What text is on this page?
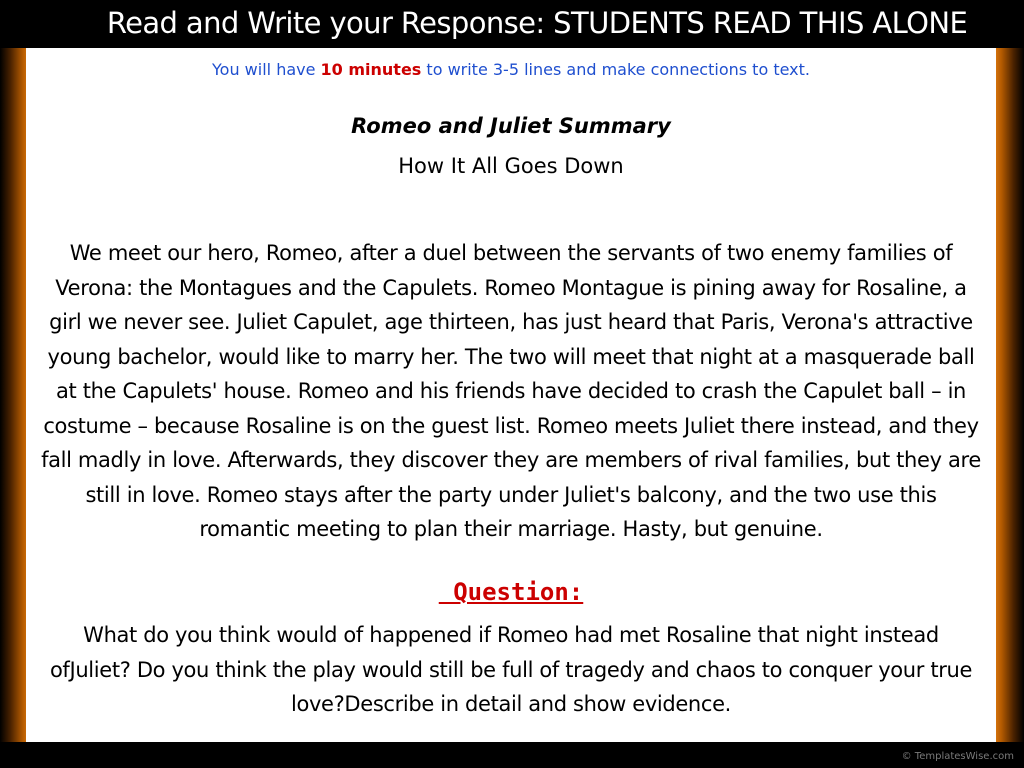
Read and Write your Response: STUDENTS READ THIS ALONE
You will have 10 minutes to write 3-5 lines and make connections to text.
Romeo and Juliet Summary
How It All Goes Down
We meet our hero, Romeo, after a duel between the servants of two enemy families of Verona: the Montagues and the Capulets. Romeo Montague is pining away for Rosaline, a girl we never see. Juliet Capulet, age thirteen, has just heard that Paris, Verona's attractive young bachelor, would like to marry her. The two will meet that night at a masquerade ball at the Capulets' house. Romeo and his friends have decided to crash the Capulet ball – in costume – because Rosaline is on the guest list. Romeo meets Juliet there instead, and they fall madly in love. Afterwards, they discover they are members of rival families, but they are still in love. Romeo stays after the party under Juliet's balcony, and the two use this romantic meeting to plan their marriage. Hasty, but genuine.
Question:
What do you think would of happened if Romeo had met Rosaline that night instead ofJuliet? Do you think the play would still be full of tragedy and chaos to conquer your true love?Describe in detail and show evidence.
© TemplatesWise.com
